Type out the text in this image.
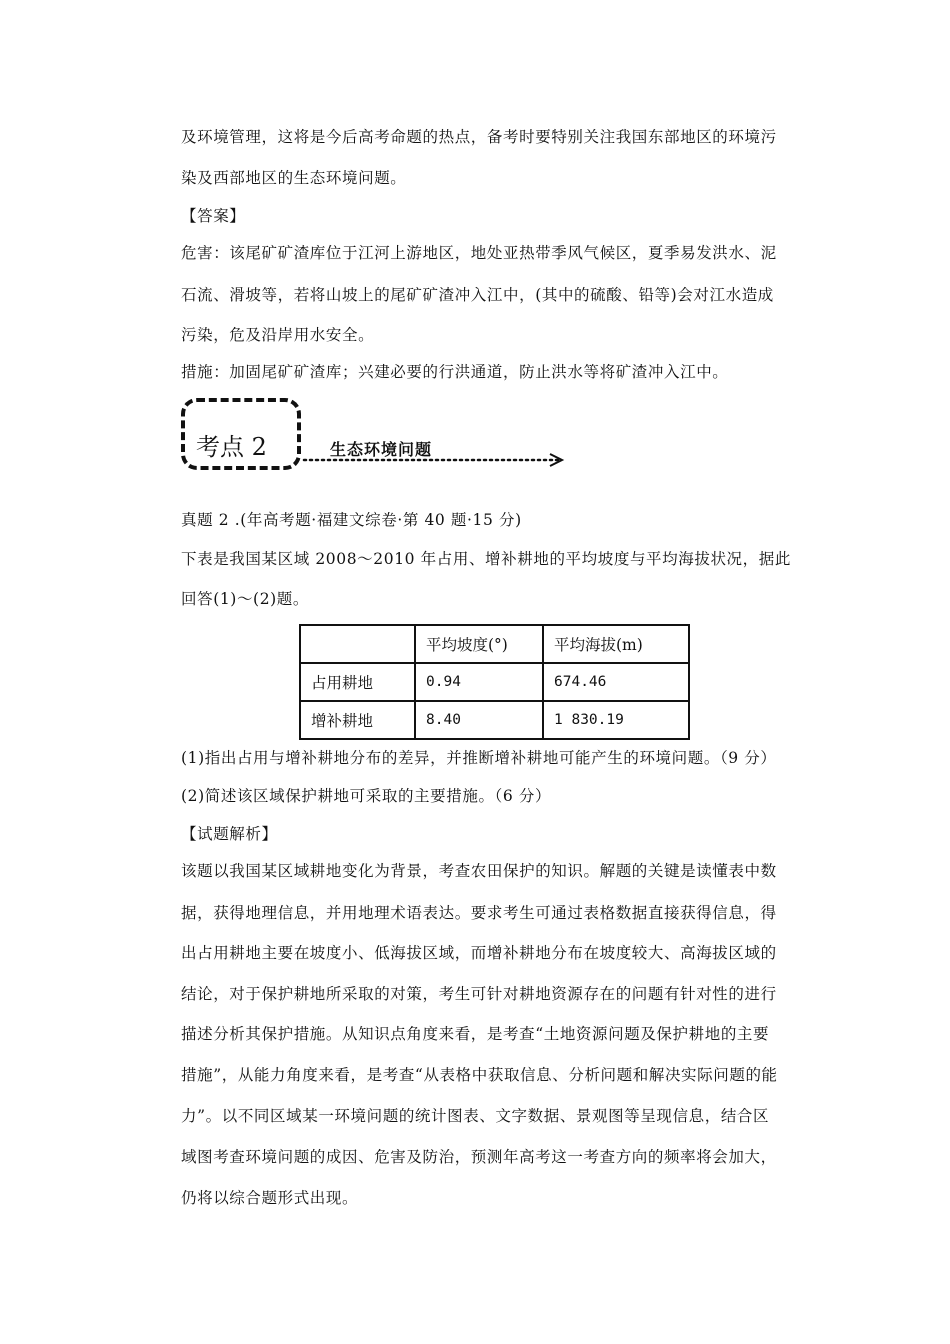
及环境管理，这将是今后高考命题的热点，备考时要特别关注我国东部地区的环境污
染及西部地区的生态环境问题。
【答案】
危害：该尾矿矿渣库位于江河上游地区，地处亚热带季风气候区，夏季易发洪水、泥
石流、滑坡等，若将山坡上的尾矿矿渣冲入江中，(其中的硫酸、铅等)会对江水造成
污染，危及沿岸用水安全。
措施：加固尾矿矿渣库；兴建必要的行洪通道，防止洪水等将矿渣冲入江中。
考点 2	生态环境问题
真题 2 .(年高考题·福建文综卷·第 40 题·15 分)
下表是我国某区域 2008～2010 年占用、增补耕地的平均坡度与平均海拔状况，据此
回答(1)～(2)题。
	平均坡度(°)	平均海拔(m)
占用耕地	0.94	674.46
增补耕地	8.40	1 830.19
(1)指出占用与增补耕地分布的差异，并推断增补耕地可能产生的环境问题。（9 分）
(2)简述该区域保护耕地可采取的主要措施。（6 分）
【试题解析】
该题以我国某区域耕地变化为背景，考查农田保护的知识。解题的关键是读懂表中数
据，获得地理信息，并用地理术语表达。要求考生可通过表格数据直接获得信息，得
出占用耕地主要在坡度小、低海拔区域，而增补耕地分布在坡度较大、高海拔区域的
结论，对于保护耕地所采取的对策，考生可针对耕地资源存在的问题有针对性的进行
描述分析其保护措施。从知识点角度来看，是考查“土地资源问题及保护耕地的主要
措施”，从能力角度来看，是考查“从表格中获取信息、分析问题和解决实际问题的能
力”。以不同区域某一环境问题的统计图表、文字数据、景观图等呈现信息，结合区
域图考查环境问题的成因、危害及防治，预测年高考这一考查方向的频率将会加大，
仍将以综合题形式出现。
